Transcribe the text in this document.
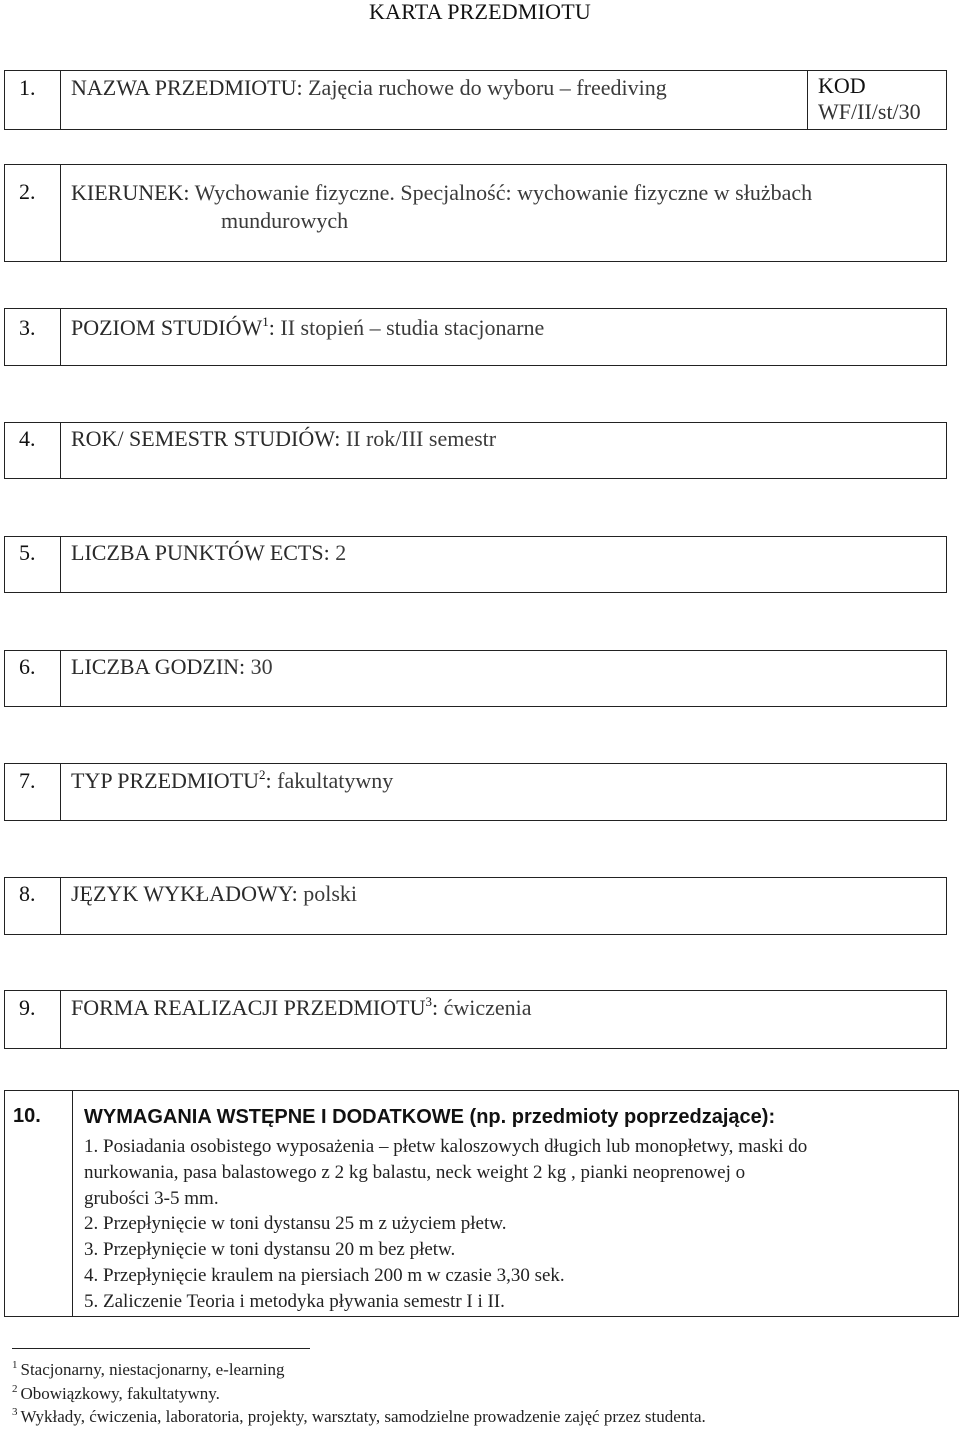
KARTA PRZEDMIOTU
1. NAZWA PRZEDMIOTU: Zajęcia ruchowe do wyboru – freediving	KOD
WF/II/st/30
2. KIERUNEK: Wychowanie fizyczne. Specjalność: wychowanie fizyczne w służbach
mundurowych
3. POZIOM STUDIÓW$^1$: II stopień – studia stacjonarne
4. ROK/ SEMESTR STUDIÓW: II rok/III semestr
5. LICZBA PUNKTÓW ECTS: 2
6. LICZBA GODZIN: 30
7. TYP PRZEDMIOTU$^2$: fakultatywny
8. JĘZYK WYKŁADOWY: polski
9. FORMA REALIZACJI PRZEDMIOTU$^3$: ćwiczenia
10. WYMAGANIA WSTĘPNE I DODATKOWE (np. przedmioty poprzedzające):
1. Posiadania osobistego wyposażenia – płetw kaloszowych długich lub monopłetwy, maski do
nurkowania, pasa balastowego z 2 kg balastu, neck weight 2 kg , pianki neoprenowej o
grubości 3-5 mm.
2. Przepłynięcie w toni dystansu 25 m z użyciem płetw.
3. Przepłynięcie w toni dystansu 20 m bez płetw.
4. Przepłynięcie kraulem na piersiach 200 m w czasie 3,30 sek.
5. Zaliczenie Teoria i metodyka pływania semestr I i II.
$^1$ Stacjonarny, niestacjonarny, e-learning
$^2$ Obowiązkowy, fakultatywny.
$^3$ Wykłady, ćwiczenia, laboratoria, projekty, warsztaty, samodzielne prowadzenie zajęć przez studenta.
